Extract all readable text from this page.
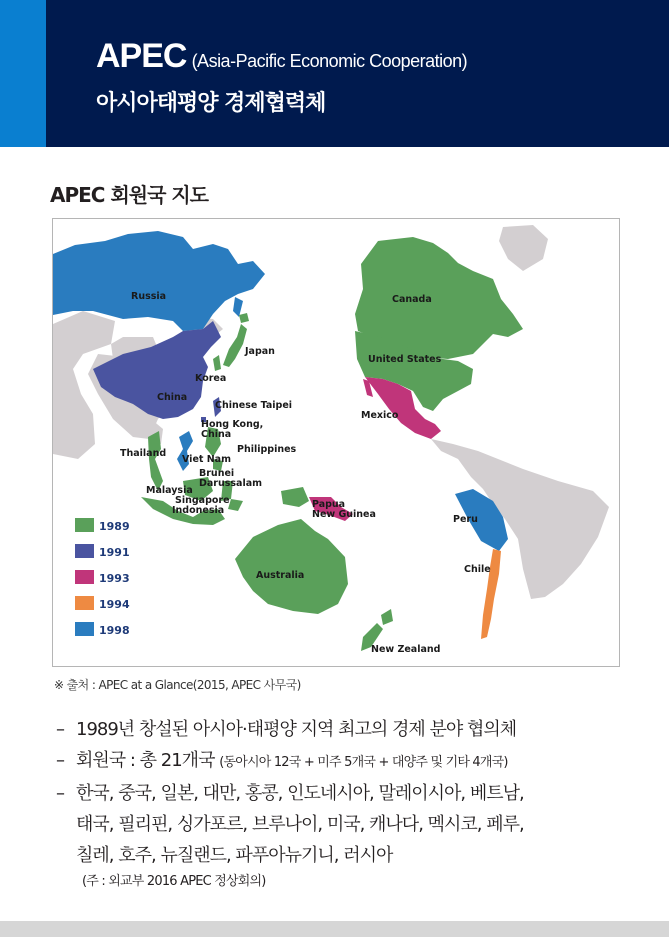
APEC (Asia-Pacific Economic Cooperation)
아시아태평양 경제협력체
APEC 회원국 지도
1989
1991
1993
1994
1998
Russia
Japan
Korea
China
Chinese Taipei
Hong Kong,
China
Philippines
Thailand
Viet Nam
Brunei
Darussalam
Malaysia
Singapore
Indonesia
Papua
New Guinea
Australia
New Zealand
Canada
United States
Mexico
Peru
Chile
※ 출처 : APEC at a Glance(2015, APEC 사무국)
– 1989년 창설된 아시아·태평양 지역 최고의 경제 분야 협의체
– 회원국 : 총 21개국 (동아시아 12국 + 미주 5개국 + 대양주 및 기타 4개국)
– 한국, 중국, 일본, 대만, 홍콩, 인도네시아, 말레이시아, 베트남,
태국, 필리핀, 싱가포르, 브루나이, 미국, 캐나다, 멕시코, 페루,
칠레, 호주, 뉴질랜드, 파푸아뉴기니, 러시아
(주 : 외교부 2016 APEC 정상회의)
